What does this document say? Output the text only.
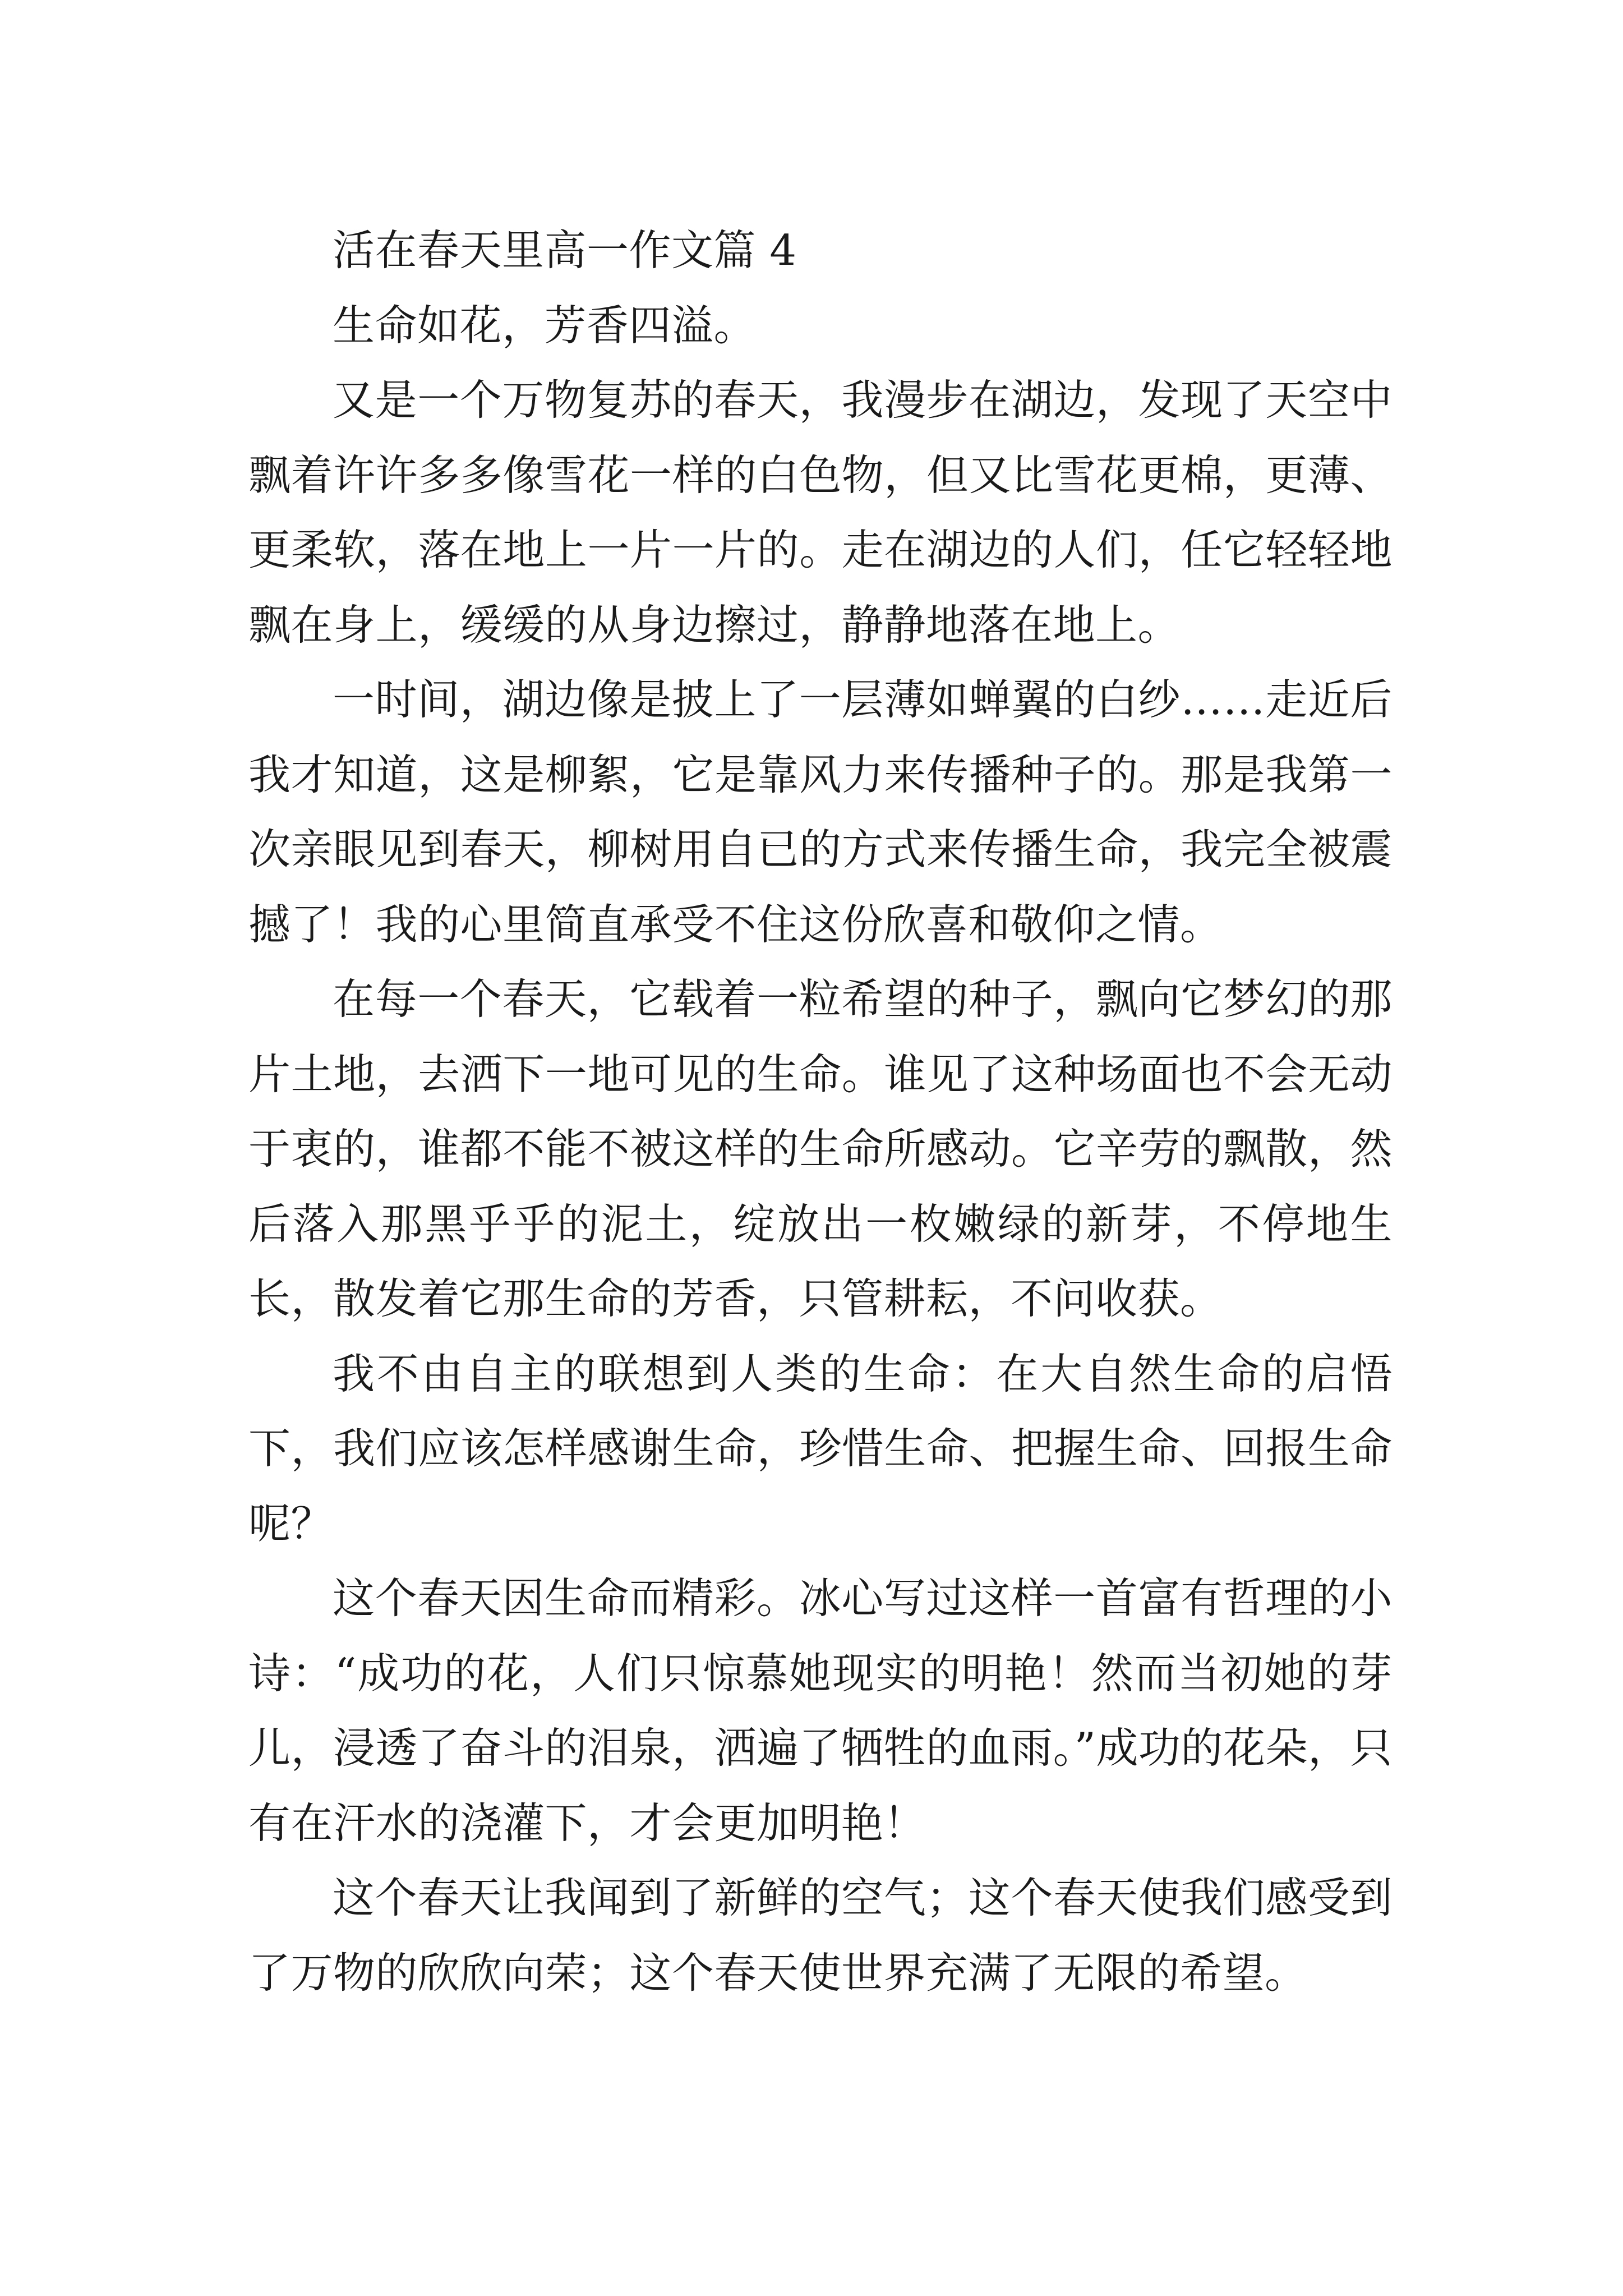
活在春天里高一作文篇 4

生命如花，芳香四溢。

又是一个万物复苏的春天，我漫步在湖边，发现了天空中飘着许许多多像雪花一样的白色物，但又比雪花更棉，更薄、更柔软，落在地上一片一片的。走在湖边的人们，任它轻轻地飘在身上，缓缓的从身边擦过，静静地落在地上。

一时间，湖边像是披上了一层薄如蝉翼的白纱……走近后我才知道，这是柳絮，它是靠风力来传播种子的。那是我第一次亲眼见到春天，柳树用自已的方式来传播生命，我完全被震撼了！我的心里简直承受不住这份欣喜和敬仰之情。

在每一个春天，它载着一粒希望的种子，飘向它梦幻的那片土地，去洒下一地可见的生命。谁见了这种场面也不会无动于衷的，谁都不能不被这样的生命所感动。它辛劳的飘散，然后落入那黑乎乎的泥土，绽放出一枚嫩绿的新芽，不停地生长，散发着它那生命的芳香，只管耕耘，不问收获。

我不由自主的联想到人类的生命：在大自然生命的启悟下，我们应该怎样感谢生命，珍惜生命、把握生命、回报生命呢？

这个春天因生命而精彩。冰心写过这样一首富有哲理的小诗：“成功的花，人们只惊慕她现实的明艳！然而当初她的芽儿，浸透了奋斗的泪泉，洒遍了牺牲的血雨。”成功的花朵，只有在汗水的浇灌下，才会更加明艳！

这个春天让我闻到了新鲜的空气；这个春天使我们感受到了万物的欣欣向荣；这个春天使世界充满了无限的希望。
